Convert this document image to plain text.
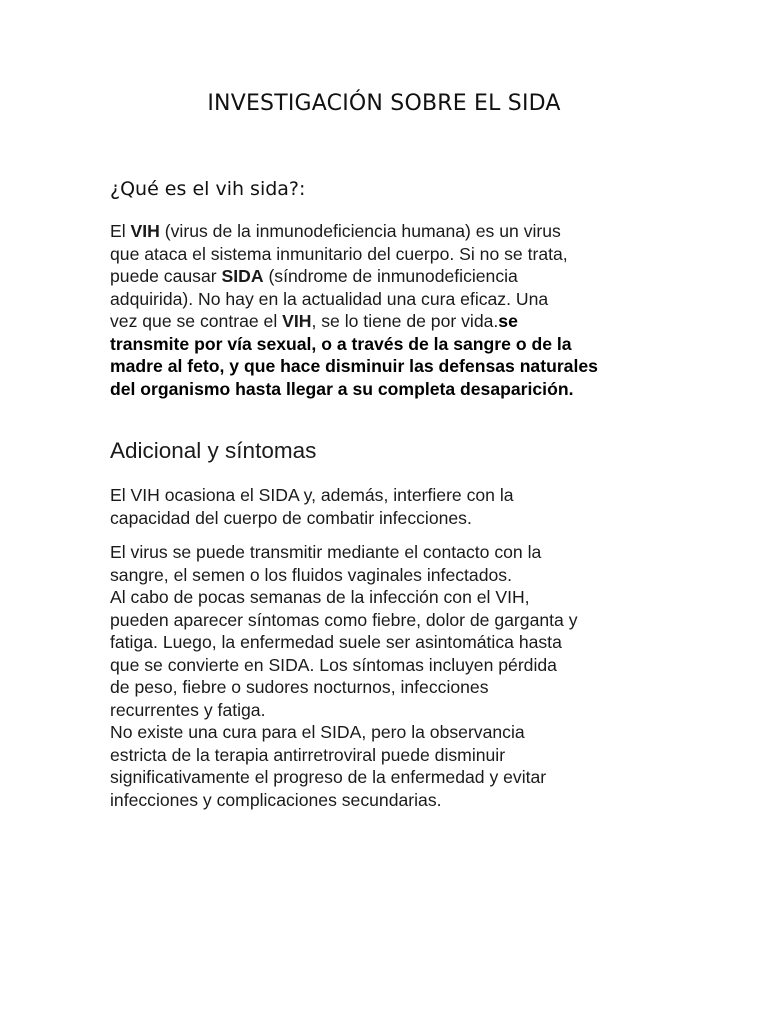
INVESTIGACIÓN SOBRE EL SIDA
¿Qué es el vih sida?:
El VIH (virus de la inmunodeficiencia humana) es un virus
que ataca el sistema inmunitario del cuerpo. Si no se trata,
puede causar SIDA (síndrome de inmunodeficiencia
adquirida). No hay en la actualidad una cura eficaz. Una
vez que se contrae el VIH, se lo tiene de por vida.se
transmite por vía sexual, o a través de la sangre o de la
madre al feto, y que hace disminuir las defensas naturales
del organismo hasta llegar a su completa desaparición.
Adicional y síntomas
El VIH ocasiona el SIDA y, además, interfiere con la
capacidad del cuerpo de combatir infecciones.
El virus se puede transmitir mediante el contacto con la
sangre, el semen o los fluidos vaginales infectados.
Al cabo de pocas semanas de la infección con el VIH,
pueden aparecer síntomas como fiebre, dolor de garganta y
fatiga. Luego, la enfermedad suele ser asintomática hasta
que se convierte en SIDA. Los síntomas incluyen pérdida
de peso, fiebre o sudores nocturnos, infecciones
recurrentes y fatiga.
No existe una cura para el SIDA, pero la observancia
estricta de la terapia antirretroviral puede disminuir
significativamente el progreso de la enfermedad y evitar
infecciones y complicaciones secundarias.
